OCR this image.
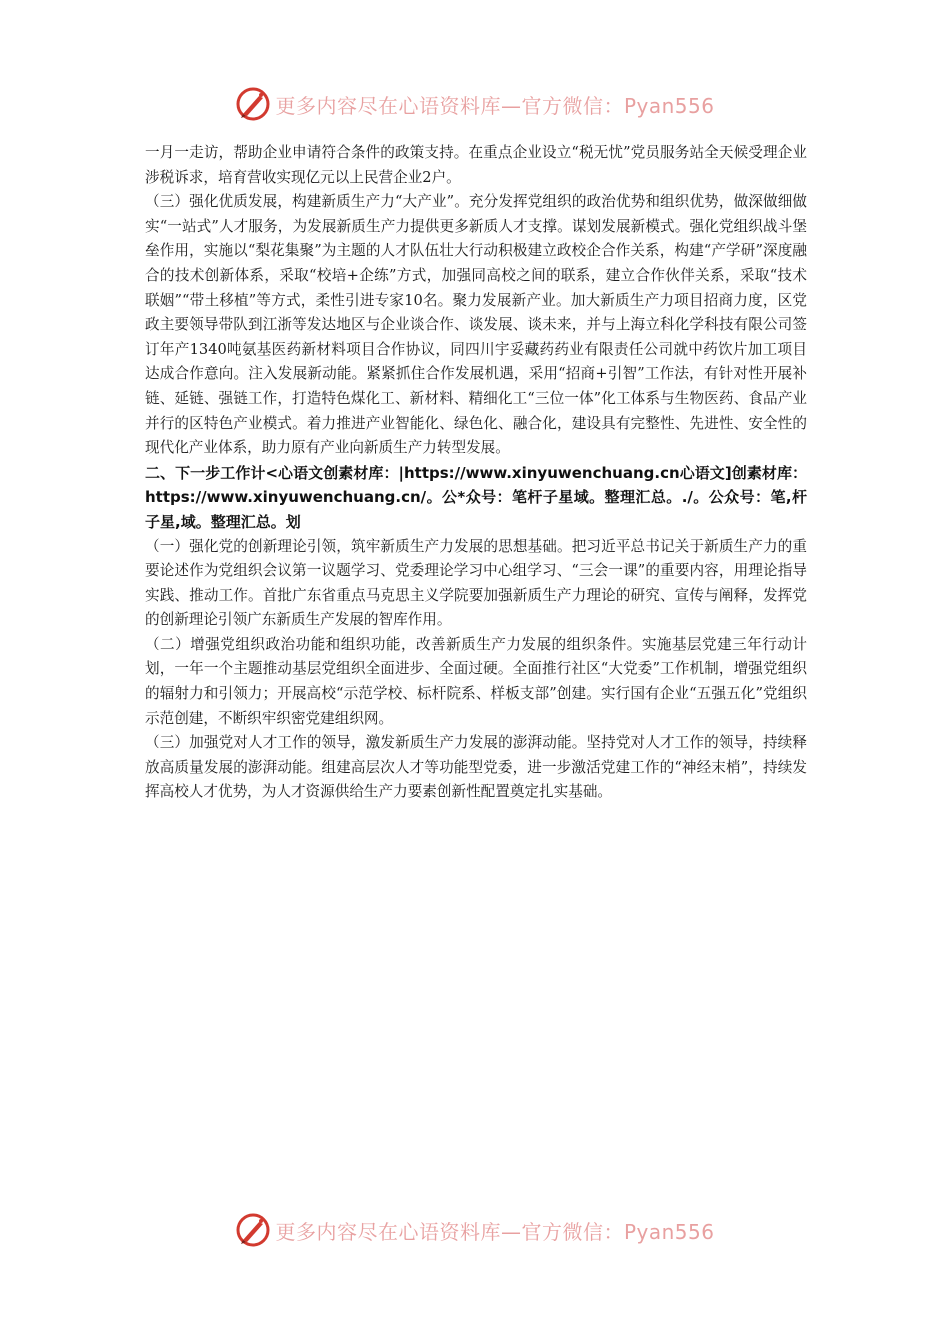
更多内容尽在心语资料库—官方微信：Pyan556

一月一走访，帮助企业申请符合条件的政策支持。在重点企业设立“税无忧”党员服务站全天候受理企业涉税诉求，培育营收实现亿元以上民营企业2户。

（三）强化优质发展，构建新质生产力“大产业”。充分发挥党组织的政治优势和组织优势，做深做细做实“一站式”人才服务，为发展新质生产力提供更多新质人才支撑。谋划发展新模式。强化党组织战斗堡垒作用，实施以“梨花集聚”为主题的人才队伍壮大行动积极建立政校企合作关系，构建“产学研”深度融合的技术创新体系，采取“校培+企练”方式，加强同高校之间的联系，建立合作伙伴关系，采取“技术联姻”“带土移植”等方式，柔性引进专家10名。聚力发展新产业。加大新质生产力项目招商力度，区党政主要领导带队到江浙等发达地区与企业谈合作、谈发展、谈未来，并与上海立科化学科技有限公司签订年产1340吨氨基医药新材料项目合作协议，同四川宇妥藏药药业有限责任公司就中药饮片加工项目达成合作意向。注入发展新动能。紧紧抓住合作发展机遇，采用“招商+引智”工作法，有针对性开展补链、延链、强链工作，打造特色煤化工、新材料、精细化工“三位一体”化工体系与生物医药、食品产业并行的区特色产业模式。着力推进产业智能化、绿色化、融合化，建设具有完整性、先进性、安全性的现代化产业体系，助力原有产业向新质生产力转型发展。

二、下一步工作计<心语文创素材库：|https://www.xinyuwenchuang.cn心语文]创素材库：https://www.xinyuwenchuang.cn/。公*众号：笔杆子星域。整理汇总。./。公众号：笔,杆子星,域。整理汇总。划

（一）强化党的创新理论引领，筑牢新质生产力发展的思想基础。把习近平总书记关于新质生产力的重要论述作为党组织会议第一议题学习、党委理论学习中心组学习、“三会一课”的重要内容，用理论指导实践、推动工作。首批广东省重点马克思主义学院要加强新质生产力理论的研究、宣传与阐释，发挥党的创新理论引领广东新质生产发展的智库作用。

（二）增强党组织政治功能和组织功能，改善新质生产力发展的组织条件。实施基层党建三年行动计划，一年一个主题推动基层党组织全面进步、全面过硬。全面推行社区“大党委”工作机制，增强党组织的辐射力和引领力；开展高校“示范学校、标杆院系、样板支部”创建。实行国有企业“五强五化”党组织示范创建，不断织牢织密党建组织网。

（三）加强党对人才工作的领导，激发新质生产力发展的澎湃动能。坚持党对人才工作的领导，持续释放高质量发展的澎湃动能。组建高层次人才等功能型党委，进一步激活党建工作的“神经末梢”，持续发挥高校人才优势，为人才资源供给生产力要素创新性配置奠定扎实基础。

更多内容尽在心语资料库—官方微信：Pyan556
